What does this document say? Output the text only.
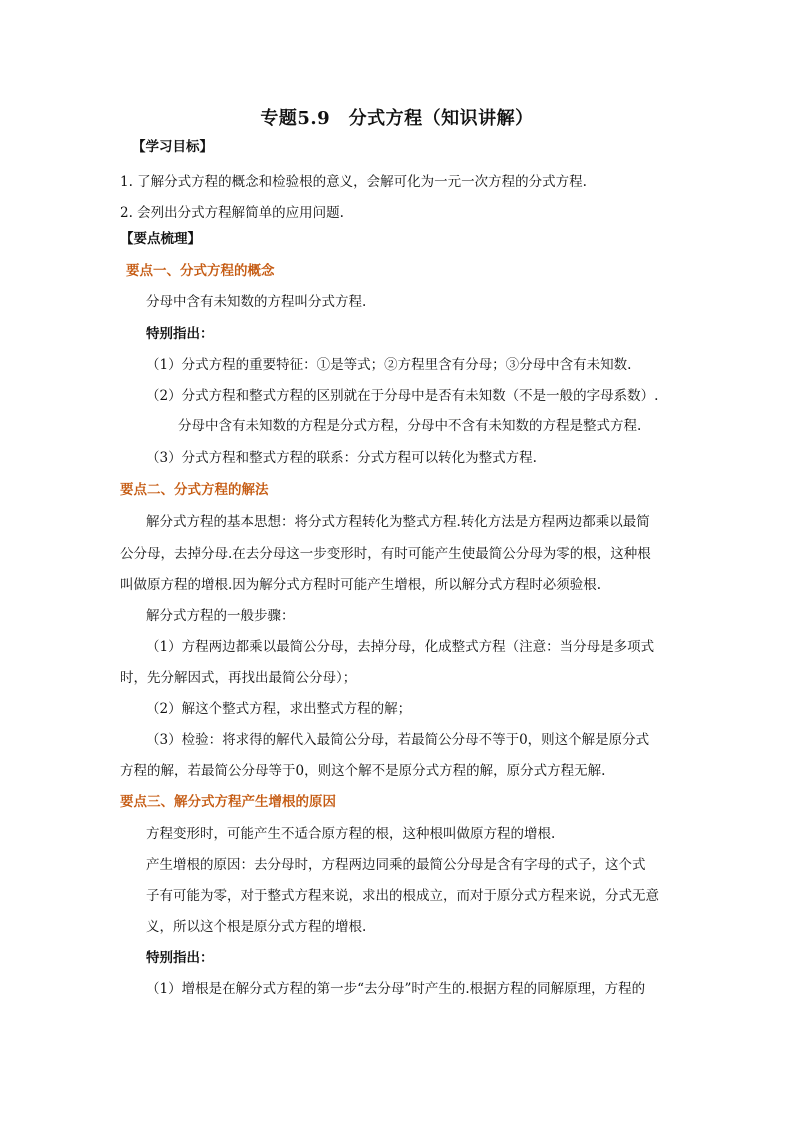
专题5.9　分式方程（知识讲解）
【学习目标】
1. 了解分式方程的概念和检验根的意义，会解可化为一元一次方程的分式方程.
2. 会列出分式方程解简单的应用问题.
【要点梳理】
要点一、分式方程的概念
分母中含有未知数的方程叫分式方程.
特别指出：
（1）分式方程的重要特征：①是等式；②方程里含有分母；③分母中含有未知数.
（2）分式方程和整式方程的区别就在于分母中是否有未知数（不是一般的字母系数）.
分母中含有未知数的方程是分式方程，分母中不含有未知数的方程是整式方程.
（3）分式方程和整式方程的联系：分式方程可以转化为整式方程.
要点二、分式方程的解法
解分式方程的基本思想：将分式方程转化为整式方程.转化方法是方程两边都乘以最简
公分母，去掉分母.在去分母这一步变形时，有时可能产生使最简公分母为零的根，这种根
叫做原方程的增根.因为解分式方程时可能产生增根，所以解分式方程时必须验根.
解分式方程的一般步骤：
（1）方程两边都乘以最简公分母，去掉分母，化成整式方程（注意：当分母是多项式
时，先分解因式，再找出最简公分母）；
（2）解这个整式方程，求出整式方程的解；
（3）检验：将求得的解代入最简公分母，若最简公分母不等于0，则这个解是原分式
方程的解，若最简公分母等于0，则这个解不是原分式方程的解，原分式方程无解.
要点三、解分式方程产生增根的原因
方程变形时，可能产生不适合原方程的根，这种根叫做原方程的增根.
产生增根的原因：去分母时，方程两边同乘的最简公分母是含有字母的式子，这个式
子有可能为零，对于整式方程来说，求出的根成立，而对于原分式方程来说，分式无意
义，所以这个根是原分式方程的增根.
特别指出：
（1）增根是在解分式方程的第一步“去分母”时产生的.根据方程的同解原理，方程的
